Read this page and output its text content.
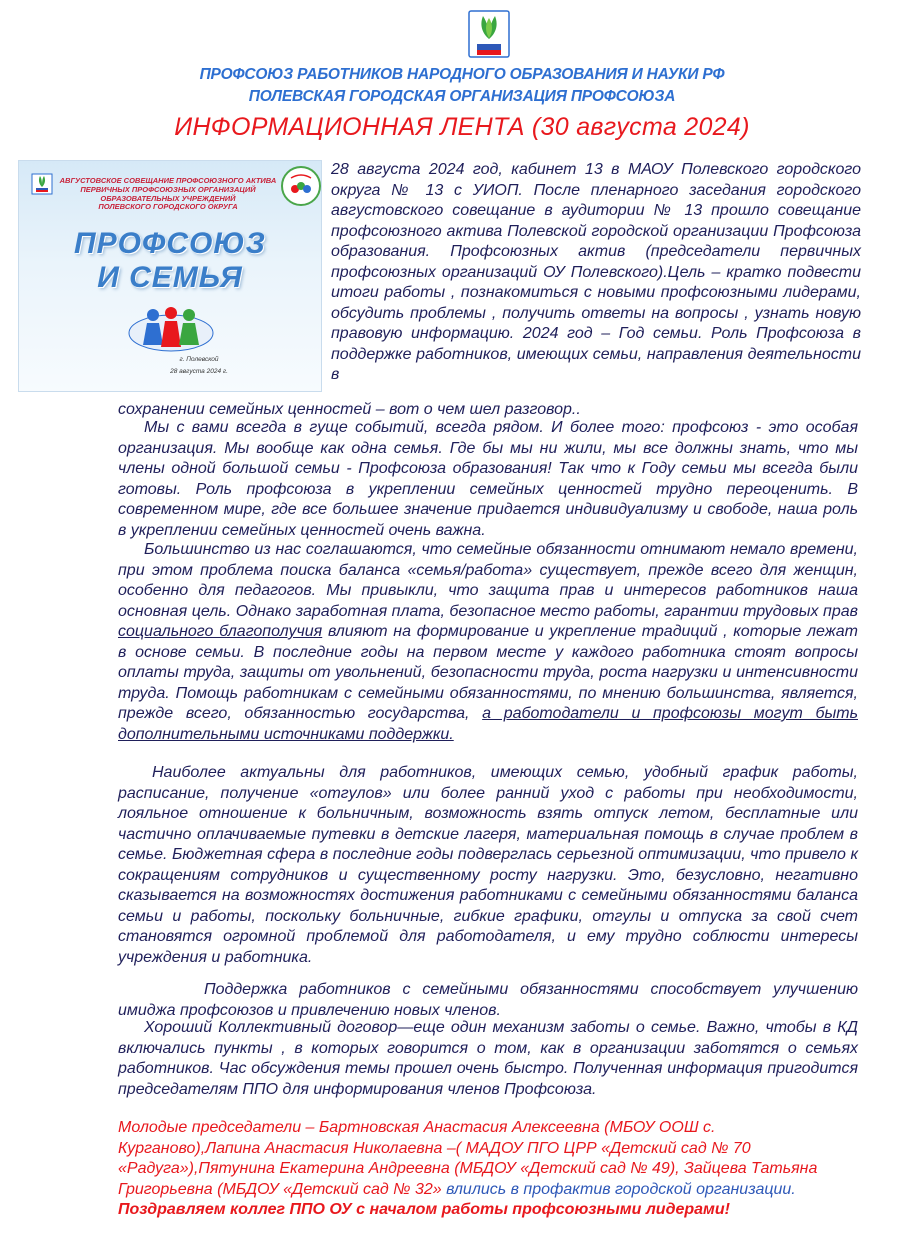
ПРОФСОЮЗ РАБОТНИКОВ НАРОДНОГО ОБРАЗОВАНИЯ И НАУКИ РФ
ПОЛЕВСКАЯ ГОРОДСКАЯ ОРГАНИЗАЦИЯ ПРОФСОЮЗА
ИНФОРМАЦИОННАЯ ЛЕНТА (30 августа 2024)
АВГУСТОВСКОЕ СОВЕЩАНИЕ ПРОФСОЮЗНОГО АКТИВА
ПЕРВИЧНЫХ ПРОФСОЮЗНЫХ ОРГАНИЗАЦИЙ
ОБРАЗОВАТЕЛЬНЫХ УЧРЕЖДЕНИЙ
ПОЛЕВСКОГО ГОРОДСКОГО ОКРУГА
ПРОФСОЮЗ
И СЕМЬЯ
г. Полевской
28 августа 2024 г.

28 августа 2024 год, кабинет 13 в МАОУ Полевского городского округа № 13 с УИОП. После пленарного заседания городского августовского совещание в аудитории № 13 прошло совещание профсоюзного актива Полевской городской организации Профсоюза образования. Профсоюзных актив (председатели первичных профсоюзных организаций ОУ Полевского).Цель – кратко подвести итоги работы , познакомиться с новыми профсоюзными лидерами, обсудить проблемы , получить ответы на вопросы , узнать новую правовую информацию. 2024 год – Год семьи. Роль Профсоюза в поддержке работников, имеющих семьи, направления деятельности в

сохранении семейных ценностей – вот о чем шел разговор..

Мы с вами всегда в гуще событий, всегда рядом. И более того: профсоюз - это особая организация. Мы вообще как одна семья. Где бы мы ни жили, мы все должны знать, что мы члены одной большой семьи - Профсоюза образования! Так что к Году семьи мы всегда были готовы. Роль профсоюза в укреплении семейных ценностей трудно переоценить. В современном мире, где все большее значение придается индивидуализму и свободе, наша роль в укреплении семейных ценностей очень важна.

Большинство из нас соглашаются, что семейные обязанности отнимают немало времени, при этом проблема поиска баланса «семья/работа» существует, прежде всего для женщин, особенно для педагогов. Мы привыкли, что защита прав и интересов работников наша основная цель. Однако заработная плата, безопасное место работы, гарантии трудовых прав социального благополучия влияют на формирование и укрепление традиций , которые лежат в основе семьи. В последние годы на первом месте у каждого работника стоят вопросы оплаты труда, защиты от увольнений, безопасности труда, роста нагрузки и интенсивности труда. Помощь работникам с семейными обязанностями, по мнению большинства, является, прежде всего, обязанностью государства, а работодатели и профсоюзы могут быть дополнительными источниками поддержки.

Наиболее актуальны для работников, имеющих семью, удобный график работы, расписание, получение «отгулов» или более ранний уход с работы при необходимости, лояльное отношение к больничным, возможность взять отпуск летом, бесплатные или частично оплачиваемые путевки в детские лагеря, материальная помощь в случае проблем в семье. Бюджетная сфера в последние годы подверглась серьезной оптимизации, что привело к сокращениям сотрудников и существенному росту нагрузки. Это, безусловно, негативно сказывается на возможностях достижения работниками с семейными обязанностями баланса семьи и работы, поскольку больничные, гибкие графики, отгулы и отпуска за свой счет становятся огромной проблемой для работодателя, и ему трудно соблюсти интересы учреждения и работника.

Поддержка работников с семейными обязанностями способствует улучшению имиджа профсоюзов и привлечению новых членов.

Хороший Коллективный договор—еще один механизм заботы о семье. Важно, чтобы в КД включались пункты , в которых говорится о том, как в организации заботятся о семьях работников. Час обсуждения темы прошел очень быстро. Полученная информация пригодится председателям ППО для информирования членов Профсоюза.

Молодые председатели – Бартновская Анастасия Алексеевна (МБОУ ООШ с. Курганово),Лапина Анастасия Николаевна –( МАДОУ ПГО ЦРР «Детский сад № 70 «Радуга»),Пятунина Екатерина Андреевна (МБДОУ «Детский сад № 49), Зайцева Татьяна Григорьевна (МБДОУ «Детский сад № 32» влились в профактив городской организации. Поздравляем коллег ППО ОУ с началом работы профсоюзными лидерами!
